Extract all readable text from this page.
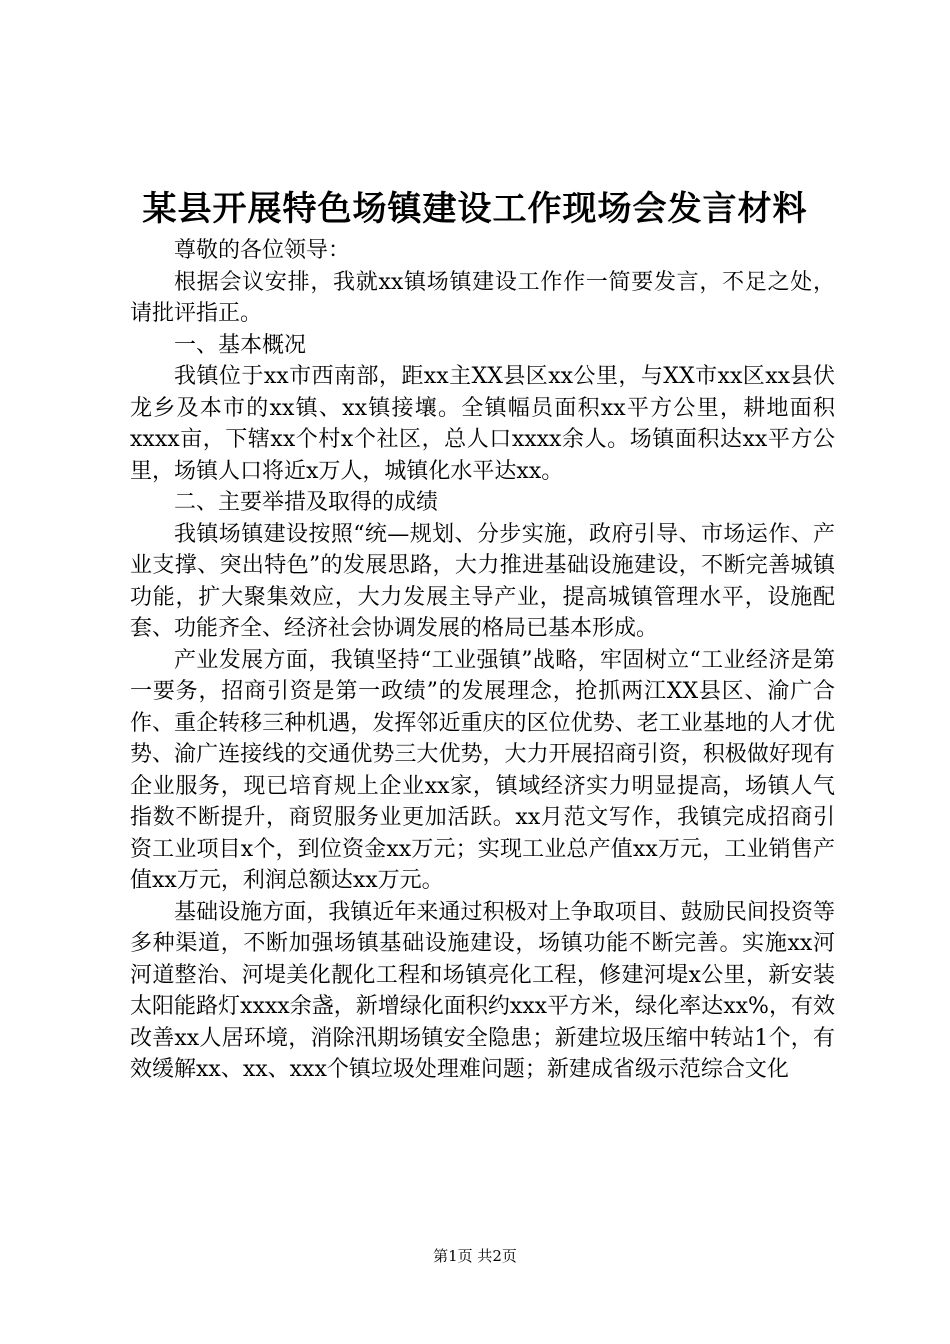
某县开展特色场镇建设工作现场会发言材料

尊敬的各位领导：

根据会议安排，我就xx镇场镇建设工作作一简要发言，不足之处，请批评指正。

一、基本概况

我镇位于xx市西南部，距xx主XX县区xx公里，与XX市xx区xx县伏龙乡及本市的xx镇、xx镇接壤。全镇幅员面积xx平方公里，耕地面积xxxx亩，下辖xx个村x个社区，总人口xxxx余人。场镇面积达xx平方公里，场镇人口将近x万人，城镇化水平达xx。

二、主要举措及取得的成绩

我镇场镇建设按照“统—规划、分步实施，政府引导、市场运作、产业支撑、突出特色”的发展思路，大力推进基础设施建设，不断完善城镇功能，扩大聚集效应，大力发展主导产业，提高城镇管理水平，设施配套、功能齐全、经济社会协调发展的格局已基本形成。

产业发展方面，我镇坚持“工业强镇”战略，牢固树立“工业经济是第一要务，招商引资是第一政绩”的发展理念，抢抓两江XX县区、渝广合作、重企转移三种机遇，发挥邻近重庆的区位优势、老工业基地的人才优势、渝广连接线的交通优势三大优势，大力开展招商引资，积极做好现有企业服务，现已培育规上企业xx家，镇域经济实力明显提高，场镇人气指数不断提升，商贸服务业更加活跃。xx月范文写作，我镇完成招商引资工业项目x个，到位资金xx万元；实现工业总产值xx万元，工业销售产值xx万元，利润总额达xx万元。

基础设施方面，我镇近年来通过积极对上争取项目、鼓励民间投资等多种渠道，不断加强场镇基础设施建设，场镇功能不断完善。实施xx河河道整治、河堤美化靓化工程和场镇亮化工程，修建河堤x公里，新安装太阳能路灯xxxx余盏，新增绿化面积约xxx平方米，绿化率达xx%，有效改善xx人居环境，消除汛期场镇安全隐患；新建垃圾压缩中转站1个，有效缓解xx、xx、xxx个镇垃圾处理难问题；新建成省级示范综合文化

第1页 共2页
